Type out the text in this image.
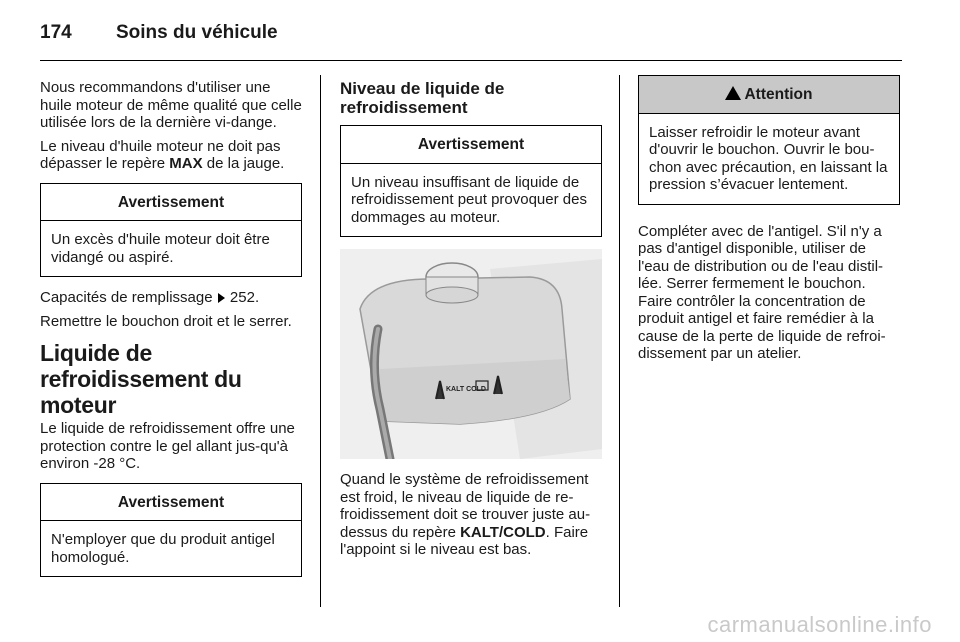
174 Soins du véhicule

Nous recommandons d'utiliser une huile moteur de même qualité que celle utilisée lors de la dernière vi-dange.

Le niveau d'huile moteur ne doit pas dépasser le repère MAX de la jauge.

Avertissement
Un excès d'huile moteur doit être vidangé ou aspiré.

Capacités de remplissage  252.

Remettre le bouchon droit et le serrer.

Liquide de refroidissement du moteur

Le liquide de refroidissement offre une protection contre le gel allant jus-qu'à environ -28 °C.

Avertissement
N'employer que du produit antigel homologué.
Niveau de liquide de refroidissement
Avertissement
Un niveau insuffisant de liquide de refroidissement peut provoquer des dommages au moteur.
KALT COLD

Quand le système de refroidissement est froid, le niveau de liquide de re-froidissement doit se trouver juste au-dessus du repère KALT/COLD. Faire l'appoint si le niveau est bas.

Attention
Laisser refroidir le moteur avant d'ouvrir le bouchon. Ouvrir le bou-chon avec précaution, en laissant la pression s’évacuer lentement.

Compléter avec de l'antigel. S'il n'y a pas d'antigel disponible, utiliser de l'eau de distribution ou de l'eau distil-lée. Serrer fermement le bouchon. Faire contrôler la concentration de produit antigel et faire remédier à la cause de la perte de liquide de refroi-dissement par un atelier.

carmanualsonline.info
